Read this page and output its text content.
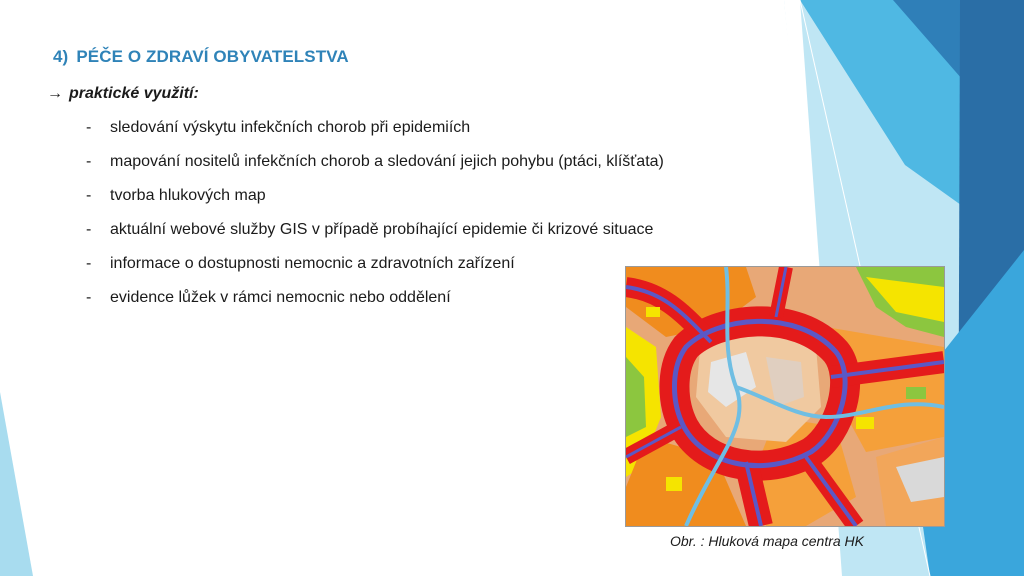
4) PÉČE O ZDRAVÍ OBYVATELSTVA
→ praktické využití:
-	sledování výskytu infekčních chorob při epidemiích
-	mapování nositelů infekčních chorob a sledování jejich pohybu (ptáci, klíšťata)
-	tvorba hlukových map
-	aktuální webové služby GIS v případě probíhající epidemie či krizové situace
-	informace o dostupnosti nemocnic a zdravotních zařízení
-	evidence lůžek v rámci nemocnic nebo oddělení
Obr. : Hluková mapa centra HK
